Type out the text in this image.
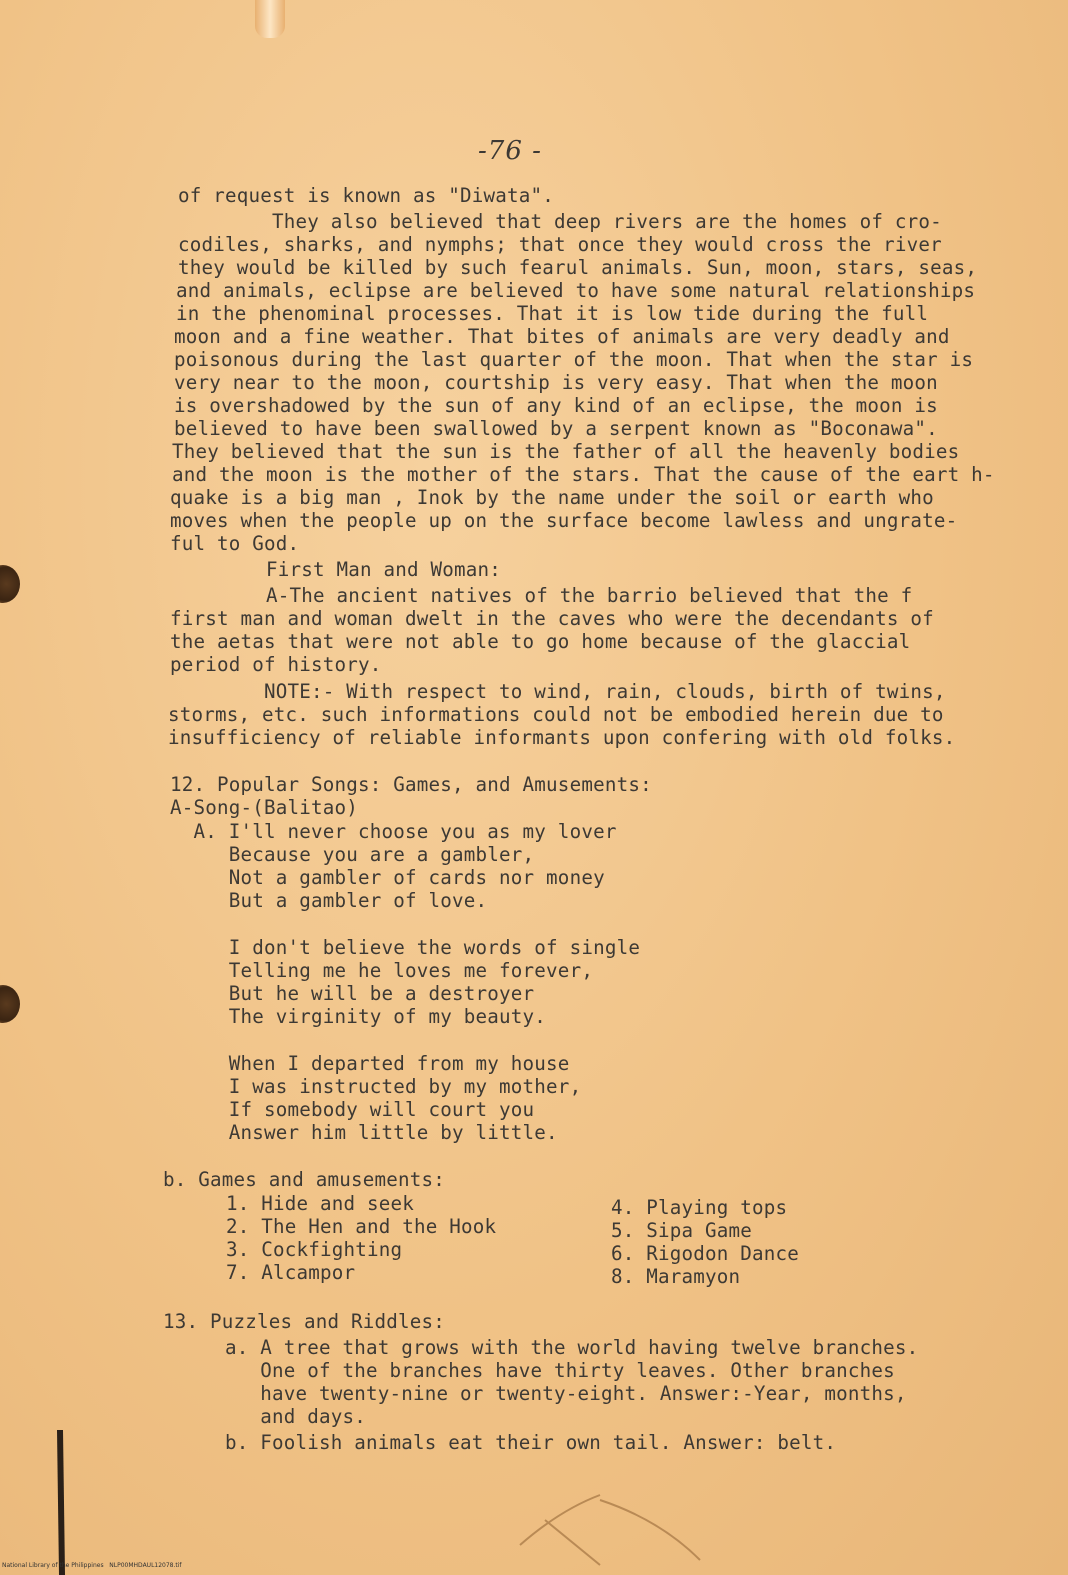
-76 -
of request is known as "Diwata".
They also believed that deep rivers are the homes of cro-
codiles, sharks, and nymphs; that once they would cross the river
they would be killed by such fearul animals. Sun, moon, stars, seas,
and animals, eclipse are believed to have some natural relationships
in the phenominal processes. That it is low tide during the full
moon and a fine weather. That bites of animals are very deadly and
poisonous during the last quarter of the moon. That when the star is
very near to the moon, courtship is very easy. That when the moon
is overshadowed by the sun of any kind of an eclipse, the moon is
believed to have been swallowed by a serpent known as "Boconawa".
They believed that the sun is the father of all the heavenly bodies
and the moon is the mother of the stars. That the cause of the eart h-
quake is a big man , Inok by the name under the soil or earth who
moves when the people up on the surface become lawless and ungrate-
ful to God.
First Man and Woman:
A-The ancient natives of the barrio believed that the f
first man and woman dwelt in the caves who were the decendants of
the aetas that were not able to go home because of the glaccial
period of history.
NOTE:- With respect to wind, rain, clouds, birth of twins,
storms, etc. such informations could not be embodied herein due to
insufficiency of reliable informants upon confering with old folks.
12. Popular Songs: Games, and Amusements:
A-Song-(Balitao)
A. I'll never choose you as my lover
Because you are a gambler,
Not a gambler of cards nor money
But a gambler of love.
I don't believe the words of single
Telling me he loves me forever,
But he will be a destroyer
The virginity of my beauty.
When I departed from my house
I was instructed by my mother,
If somebody will court you
Answer him little by little.
b. Games and amusements:
1. Hide and seek
2. The Hen and the Hook
3. Cockfighting
7. Alcampor
4. Playing tops
5. Sipa Game
6. Rigodon Dance
8. Maramyon
13. Puzzles and Riddles:
a. A tree that grows with the world having twelve branches.
One of the branches have thirty leaves. Other branches
have twenty-nine or twenty-eight. Answer:-Year, months,
and days.
b. Foolish animals eat their own tail. Answer: belt.
National Library of the Philippines   NLP00MHDAUL12078.tif
